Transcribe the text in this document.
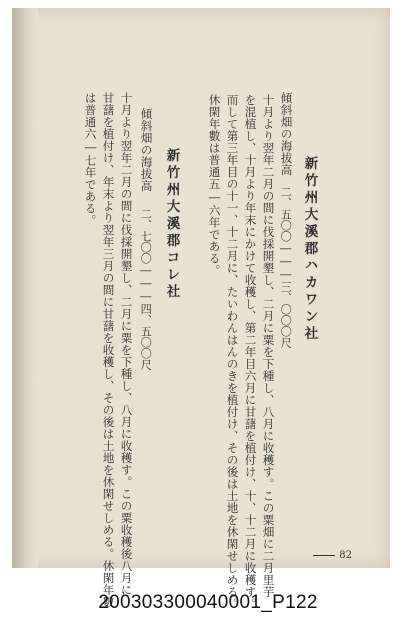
新竹州大溪郡ハカワン社
傾斜畑の海拔高
二、五〇〇―――三、〇〇〇尺
十月より翌年二月の間に伐採開墾し、二月に粟を下種し、八月に收穫す。この粟畑に二月里芋
を混植し、十月より年末にかけて收穫し、第二年目六月に甘藷を植付け、十、十二月に收穫す。
而して第三年目の十一、十二月に、たいわんはんのきを植付け、その後は土地を休閑せしめる。
休閑年數は普通五―六年である。
新竹州大溪郡コレ社
傾斜畑の海拔高
二、七〇〇―――四、五〇〇尺
十月より翌年二月の間に伐採開墾し、二月に粟を下種し、八月に收穫す。この粟收穫後八月に
甘藷を植付け、年末より翌年三月の間に甘藷を收穫し、その後は土地を休閑せしめる。休閑年數
は普通六―七年である。
82
200303300040001_P122
